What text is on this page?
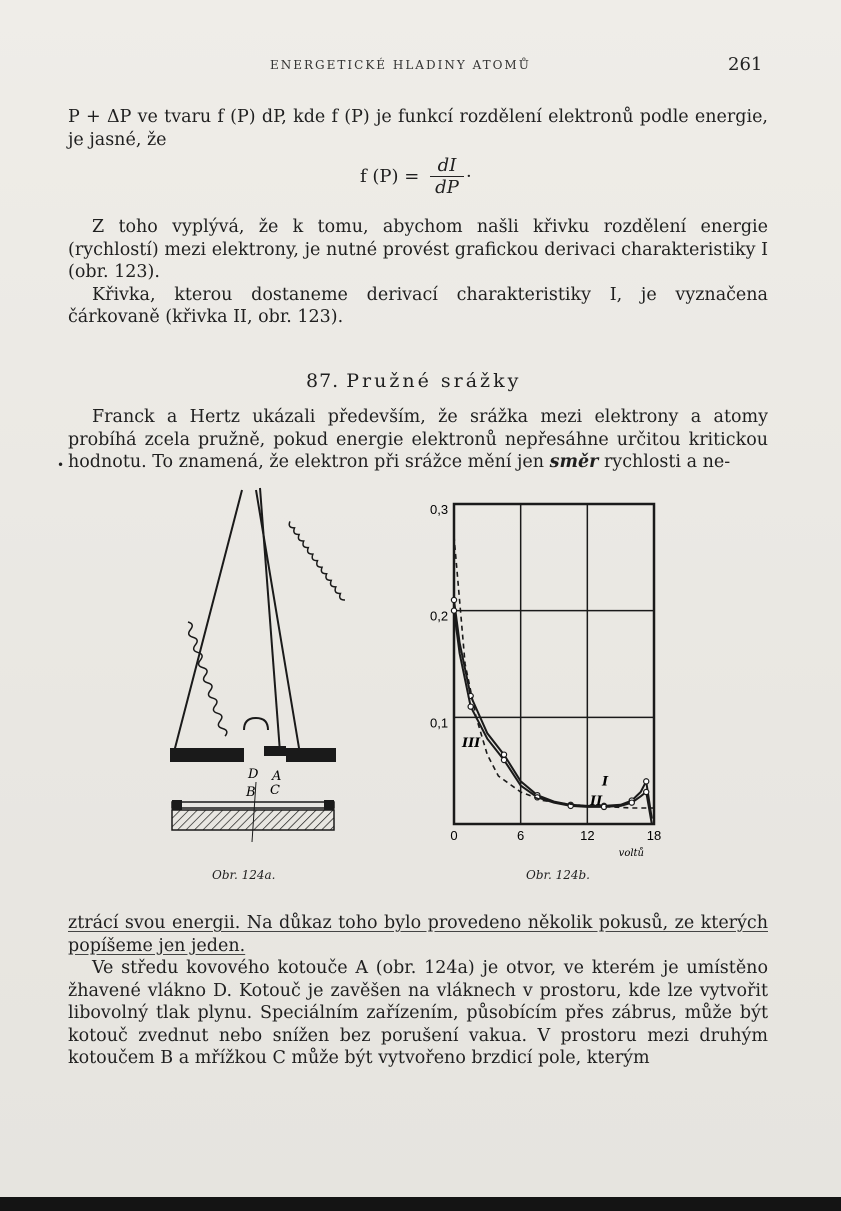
ENERGETICKÉ HLADINY ATOMŮ	261

P + ΔP ve tvaru f (P) dP, kde f (P) je funkcí rozdělení elektronů podle energie, je jasné, že

f $(P) = \frac{dI}{dP}$ ·

Z toho vyplývá, že k tomu, abychom našli křivku rozdělení energie (rychlostí) mezi elektrony, je nutné provést grafickou derivaci charakteristiky I (obr. 123).

Křivka, kterou dostaneme derivací charakteristiky I, je vyznačena čárkovaně (křivka II, obr. 123).

87. Pružné srážky
•

Franck a Hertz ukázali především, že srážka mezi elektrony a atomy probíhá zcela pružně, pokud energie elektronů nepřesáhne určitou kritickou hodnotu. To znamená, že elektron při srážce mění jen směr rychlosti a ne-

D A
B C
Obr. 124a.
0	6	12	18
0,1
0,2
0,3
voltů
I
II
III
Obr. 124b.

ztrácí svou energii. Na důkaz toho bylo provedeno několik pokusů, ze kterých popíšeme jen jeden.

Ve středu kovového kotouče A (obr. 124a) je otvor, ve kterém je umístěno žhavené vlákno D. Kotouč je zavěšen na vláknech v prostoru, kde lze vytvořit libovolný tlak plynu. Speciálním zařízením, působícím přes zábrus, může být kotouč zvednut nebo snížen bez porušení vakua. V prostoru mezi druhým kotoučem B a mřížkou C může být vytvořeno brzdicí pole, kterým
